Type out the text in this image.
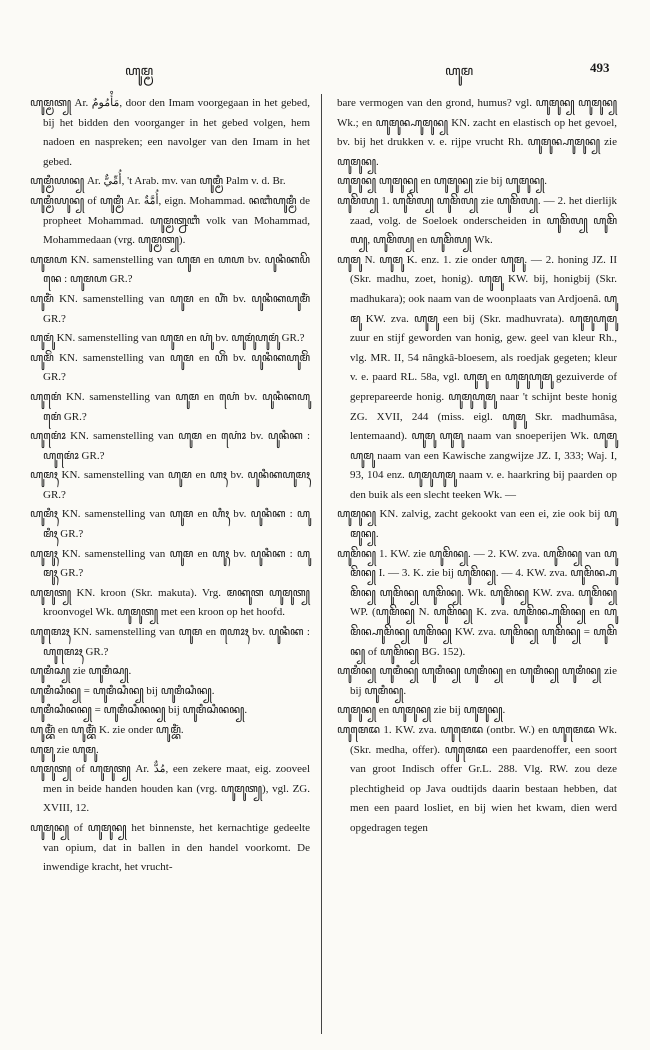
ꦲꦸꦩ꧀ꦩ	ꦲꦸꦩ	493

ꦲꦸꦩ꧀ꦩꦠ꧀ Ar. مَأْمُومٌ, door den Imam voorgegaan in het gebed, bij het bidden den voorganger in het gebed volgen, hem nadoen en naspreken; een navolger van den Imam in het gebed.

ꦲꦸꦩ꧀ꦩꦶꦪꦤ꧀ Ar. أُمِّيٌّ, 't Arab. mv. van ꦲꦸꦩ꧀ꦩꦶ Palm v. d. Br.

ꦲꦸꦩ꧀ꦩꦶꦪꦸꦤ꧀ of ꦲꦸꦩ꧀ꦩꦶ Ar. أُمَّةٌ, eign. Mohammad. ꦤꦧꦶꦲꦸꦩ꧀ꦩꦶ de propheet Mohammad. ꦲꦸꦩ꧀ꦩꦠ꧀ꦤꦧꦶ volk van Mohammad, Mohammedaan (vrg. ꦲꦸꦩ꧀ꦩꦠ꧀).

ꦲꦸꦩꦲ KN. samenstelling van ꦲꦸꦩ en ꦲꦲ bv. ꦥꦸꦤꦶꦏꦥꦼꦤꦺ : ꦲꦸꦩꦲ GR.?

ꦲꦸꦩꦶꦁ KN. samenstelling van ꦲꦸꦩ en ꦲꦶꦁ bv. ꦥꦸꦤꦶꦏꦲꦸꦩꦶꦁ GR.?

ꦲꦸꦩꦸꦁ KN. samenstelling van ꦲꦸꦩ en ꦲꦸꦁ bv. ꦲꦸꦩꦸꦁꦲꦸꦩꦸꦁ GR.?

ꦲꦸꦩꦼꦁ KN. samenstelling van ꦲꦸꦩ en ꦲꦼꦁ bv. ꦥꦸꦤꦶꦏꦲꦸꦩꦼꦁ GR.?

ꦲꦸꦩꦺꦁ KN. samenstelling van ꦲꦸꦩ en ꦲꦺꦁ bv. ꦥꦸꦤꦶꦏꦲꦸꦩꦺꦁ GR.?

ꦲꦸꦩꦺꦴꦁ KN. samenstelling van ꦲꦸꦩ en ꦲꦺꦴꦁ bv. ꦥꦸꦤꦶꦏ : ꦲꦸꦩꦺꦴꦁ GR.?

ꦲꦸꦩꦃ KN. samenstelling van ꦲꦸꦩ en ꦲꦃ bv. ꦥꦸꦤꦶꦏꦲꦸꦩꦃ GR.?

ꦲꦸꦩꦶꦃ KN. samenstelling van ꦲꦸꦩ en ꦲꦶꦃ bv. ꦥꦸꦤꦶꦏ : ꦲꦸꦩꦶꦃ GR.?

ꦲꦸꦩꦸꦃ KN. samenstelling van ꦲꦸꦩ en ꦲꦸꦃ bv. ꦥꦸꦤꦶꦏ : ꦲꦸꦩꦸꦃ GR.?

ꦲꦸꦩꦸꦠ꧀ KN. kroon (Skr. makuta). Vrg. ꦩꦏꦸꦠ ꦲꦸꦩꦸꦠ꧀ kroonvogel Wk. ꦲꦸꦩꦸꦠ꧀ met een kroon op het hoofd.

ꦲꦸꦩꦺꦴꦃ KN. samenstelling van ꦲꦸꦩ en ꦲꦺꦴꦃ bv. ꦥꦸꦤꦶꦏ : ꦲꦸꦩꦺꦴꦃ GR.?

ꦲꦸꦩꦶꦱ꧀ zie ꦲꦸꦩꦶꦱ꧀.

ꦲꦸꦩꦶꦱꦶꦤ꧀ = ꦲꦸꦩꦶꦱꦶꦤ꧀ bij ꦲꦸꦩꦶꦱꦶꦤ꧀.

ꦲꦸꦩꦶꦱꦶꦤꦤ꧀ = ꦲꦸꦩꦶꦱꦶꦤꦤ꧀ bij ꦲꦸꦩꦶꦱꦶꦤꦤ꧀.

ꦲꦸꦩ꧀ꦧꦶꦁ en ꦲꦸꦩ꧀ꦧꦶꦁ K. zie onder ꦲꦸꦩ꧀ꦧꦶꦁ.

ꦲꦸꦩꦸ zie ꦲꦸꦩꦸ.

ꦲꦸꦩꦸꦠ꧀ of ꦲꦸꦩꦸꦠ꧀ Ar. مُدٌّ, een zekere maat, eig. zooveel men in beide handen houden kan (vrg. ꦲꦸꦩꦸꦠ꧀), vgl. ZG. XVIII, 12.

ꦲꦸꦩꦸꦤ꧀ of ꦲꦸꦩꦸꦤ꧀ het binnenste, het kernachtige gedeelte van opium, dat in ballen in den handel voorkomt. De inwendige kracht, het vrucht-

bare vermogen van den grond, humus? vgl. ꦲꦸꦩꦸꦤ꧀ ꦲꦸꦩꦸꦤ꧀ Wk.; en ꦲꦸꦩꦸꦤ꧀ꦲꦸꦩꦸꦤ꧀ KN. zacht en elastisch op het gevoel, bv. bij het drukken v. e. rijpe vrucht Rh. ꦲꦸꦩꦸꦤ꧀ꦲꦸꦩꦸꦤ꧀ zie ꦲꦸꦩꦸꦤ꧀.

ꦲꦸꦩꦸꦤ꧀ ꦲꦸꦩꦸꦤ꧀ en ꦲꦸꦩꦸꦤ꧀ zie bij ꦲꦸꦩꦸꦤ꧀.

ꦲꦸꦩꦼꦭ꧀ 1. ꦲꦸꦩꦼꦭ꧀ ꦲꦸꦩꦼꦭ꧀ zie ꦲꦸꦩꦼꦭ꧀. — 2. het dierlijk zaad, volg. de Soeloek onderscheiden in ꦲꦸꦩꦼꦭ꧀ ꦲꦸꦩꦼꦭ꧀, ꦲꦸꦩꦼꦭ꧀ en ꦲꦸꦩꦼꦭ꧀ Wk.

ꦲꦸꦩꦸ N. ꦲꦸꦩꦸ K. enz. 1. zie onder ꦲꦸꦩꦸ. — 2. honing JZ. II (Skr. madhu, zoet, honig). ꦲꦸꦩꦸ KW. bij, honigbij (Skr. madhukara); ook naam van de woonplaats van Ardjoenâ. ꦲꦸꦩꦸ KW. zva. ꦲꦸꦩꦸ een bij (Skr. madhuvrata). ꦲꦸꦩꦸꦲꦸꦩꦸ zuur en stijf geworden van honig, gew. geel van kleur Rh., vlg. MR. II, 54 nângkâ-bloesem, als roedjak gegeten; kleur v. e. paard RL. 58a, vgl. ꦲꦸꦩꦸ en ꦲꦸꦩꦸꦲꦸꦩꦸ gezuiverde of geprepareerde honig. ꦲꦸꦩꦸꦲꦸꦩꦸ naar 't schijnt beste honig ZG. XVII, 244 (miss. eigl. ꦲꦸꦩꦸ Skr. madhumâsa, lentemaand). ꦲꦸꦩꦸ ꦲꦸꦩꦸ naam van snoeperijen Wk. ꦲꦸꦩꦸꦲꦸꦩꦸ naam van een Kawische zangwijze JZ. I, 333; Waj. I, 93, 104 enz. ꦲꦸꦩꦸꦲꦸꦩꦸ naam v. e. haarkring bij paarden op den buik als een slecht teeken Wk. —

ꦲꦸꦩꦸꦤ꧀ KN. zalvig, zacht gekookt van een ei, zie ook bij ꦲꦸꦩꦸꦤ꧀.

ꦲꦸꦩꦼꦤ꧀ 1. KW. zie ꦲꦸꦩꦼꦤ꧀. — 2. KW. zva. ꦲꦸꦩꦼꦤ꧀ van ꦲꦸꦩꦼꦤ꧀ I. — 3. K. zie bij ꦲꦸꦩꦼꦤ꧀. — 4. KW. zva. ꦲꦸꦩꦼꦤ꧀ꦲꦸꦩꦼꦤ꧀ ꦲꦸꦩꦼꦤ꧀ ꦲꦸꦩꦼꦤ꧀. Wk. ꦲꦸꦩꦼꦤ꧀ KW. zva. ꦲꦸꦩꦼꦤ꧀ WP. (ꦲꦸꦩꦼꦤ꧀ N. ꦲꦸꦩꦼꦤ꧀ K. zva. ꦲꦸꦩꦼꦤ꧀ꦲꦸꦩꦼꦤ꧀ en ꦲꦸꦩꦼꦤ꧀ꦲꦸꦩꦼꦤ꧀ ꦲꦸꦩꦼꦤ꧀ KW. zva. ꦲꦸꦩꦼꦤ꧀ ꦲꦸꦩꦼꦤ꧀ = ꦲꦸꦩꦼꦤ꧀ of ꦲꦸꦩꦼꦤ꧀ BG. 152).

ꦲꦸꦩꦶꦤ꧀ ꦲꦸꦩꦶꦤ꧀ ꦲꦸꦩꦶꦤ꧀ ꦲꦸꦩꦶꦤ꧀ en ꦲꦸꦩꦶꦤ꧀ ꦲꦸꦩꦶꦤ꧀ zie bij ꦲꦸꦩꦶꦤ꧀.

ꦲꦸꦩꦸꦤ꧀ en ꦲꦸꦩꦸꦤ꧀ zie bij ꦲꦸꦩꦸꦤ꧀.

ꦲꦸꦩꦺꦢ 1. KW. zva. ꦲꦸꦩꦺꦢ (ontbr. W.) en ꦲꦸꦩꦺꦢ Wk. (Skr. medha, offer). ꦲꦸꦩꦺꦢ een paardenoffer, een soort van groot Indisch offer Gr.L. 288. Vlg. RW. zou deze plechtigheid op Java oudtijds daarin bestaan hebben, dat men een paard losliet, en bij wien het kwam, dien werd opgedragen tegen
